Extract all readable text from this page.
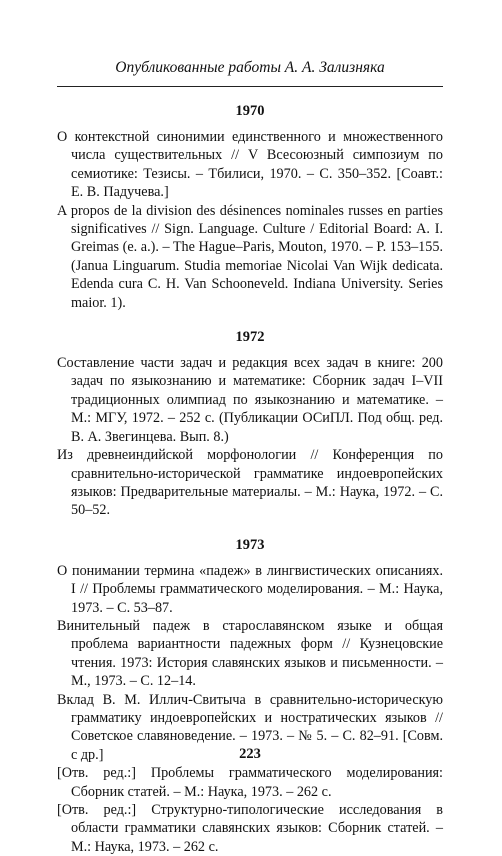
Опубликованные работы А. А. Зализняка
1970

О контекстной синонимии единственного и множественного числа существительных // V Всесоюзный симпозиум по семиотике: Тезисы. – Тбилиси, 1970. – С. 350–352. [Соавт.: Е. В. Падучева.]

A propos de la division des désinences nominales russes en parties significatives // Sign. Language. Culture / Editorial Board: A. I. Greimas (e. a.). – The Hague–Paris, Mouton, 1970. – P. 153–155. (Janua Linguarum. Studia memoriae Nicolai Van Wijk dedicata. Edenda cura C. H. Van Schooneveld. Indiana University. Series maior. 1).

1972

Составление части задач и редакция всех задач в книге: 200 задач по языкознанию и математике: Сборник задач I–VII традиционных олимпиад по языкознанию и математике. – М.: МГУ, 1972. – 252 с. (Публикации ОСиПЛ. Под общ. ред. В. А. Звегинцева. Вып. 8.)

Из древнеиндийской морфонологии // Конференция по сравнительно-исторической грамматике индоевропейских языков: Предварительные материалы. – М.: Наука, 1972. – С. 50–52.

1973

О понимании термина «падеж» в лингвистических описаниях. I // Проблемы грамматического моделирования. – М.: Наука, 1973. – С. 53–87.

Винительный падеж в старославянском языке и общая проблема вариантности падежных форм // Кузнецовские чтения. 1973: История славянских языков и письменности. – М., 1973. – С. 12–14.

Вклад В. М. Иллич-Свитыча в сравнительно-историческую грамматику индоевропейских и ностратических языков // Советское славяноведение. – 1973. – № 5. – С. 82–91. [Совм. с др.]

[Отв. ред.:] Проблемы грамматического моделирования: Сборник статей. – М.: Наука, 1973. – 262 с.

[Отв. ред.:] Структурно-типологические исследования в области грамматики славянских языков: Сборник статей. – М.: Наука, 1973. – 262 с.

223
